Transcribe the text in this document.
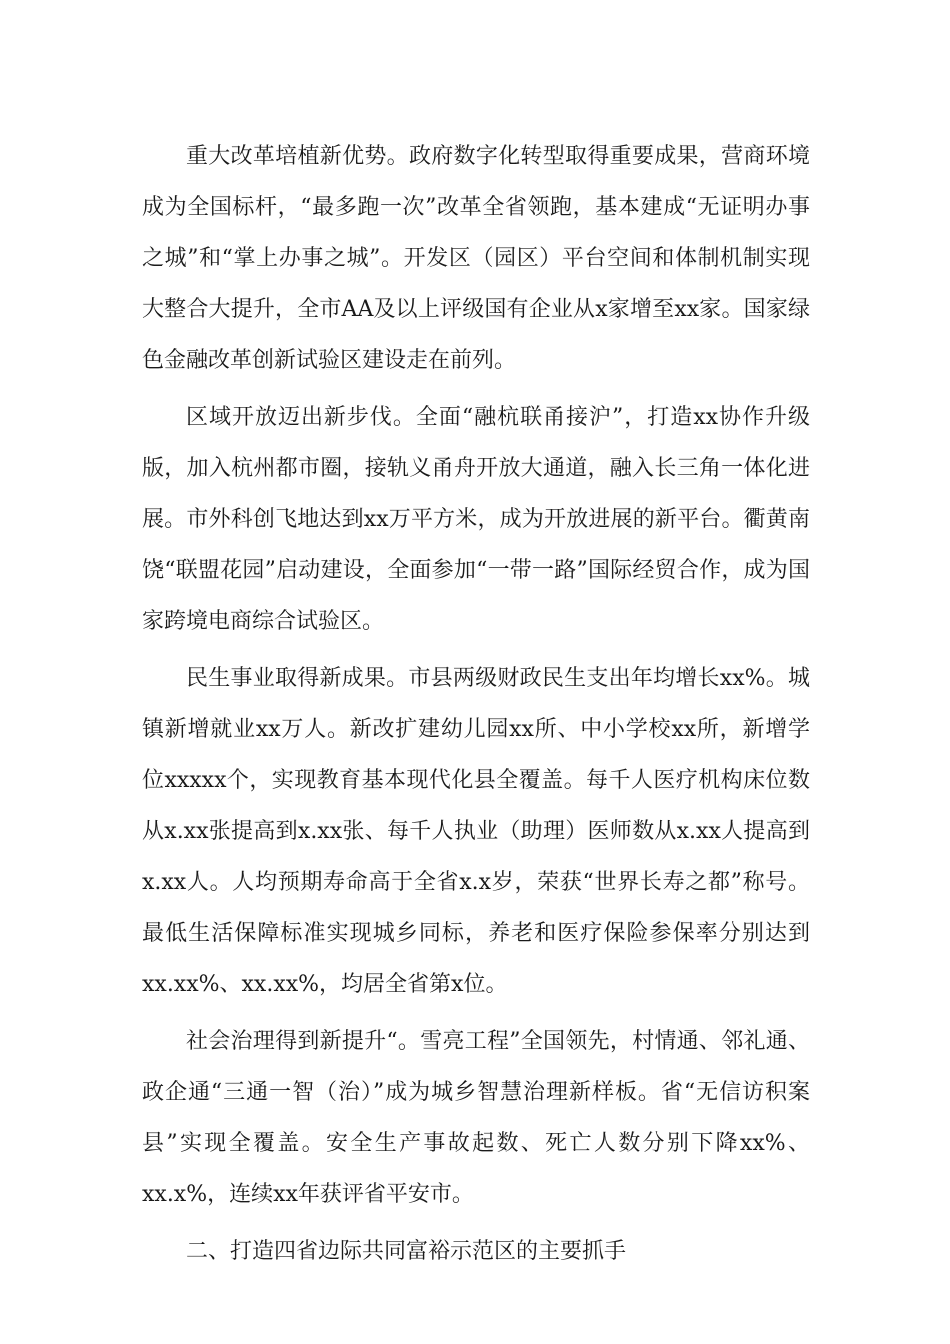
重大改革培植新优势。政府数字化转型取得重要成果，营商环境成为全国标杆，“最多跑一次”改革全省领跑，基本建成“无证明办事之城”和“掌上办事之城”。开发区（园区）平台空间和体制机制实现大整合大提升，全市AA及以上评级国有企业从x家增至xx家。国家绿色金融改革创新试验区建设走在前列。

区域开放迈出新步伐。全面“融杭联甬接沪”，打造xx协作升级版，加入杭州都市圈，接轨义甬舟开放大通道，融入长三角一体化进展。市外科创飞地达到xx万平方米，成为开放进展的新平台。衢黄南饶“联盟花园”启动建设，全面参加“一带一路”国际经贸合作，成为国家跨境电商综合试验区。

民生事业取得新成果。市县两级财政民生支出年均增长xx%。城镇新增就业xx万人。新改扩建幼儿园xx所、中小学校xx所，新增学位xxxxx个，实现教育基本现代化县全覆盖。每千人医疗机构床位数从x.xx张提高到x.xx张、每千人执业（助理）医师数从x.xx人提高到x.xx人。人均预期寿命高于全省x.x岁，荣获“世界长寿之都”称号。最低生活保障标准实现城乡同标，养老和医疗保险参保率分别达到xx.xx%、xx.xx%，均居全省第x位。

社会治理得到新提升“。雪亮工程”全国领先，村情通、邻礼通、政企通“三通一智（治）”成为城乡智慧治理新样板。省“无信访积案县”实现全覆盖。安全生产事故起数、死亡人数分别下降xx%、xx.x%，连续xx年获评省平安市。

二、打造四省边际共同富裕示范区的主要抓手
